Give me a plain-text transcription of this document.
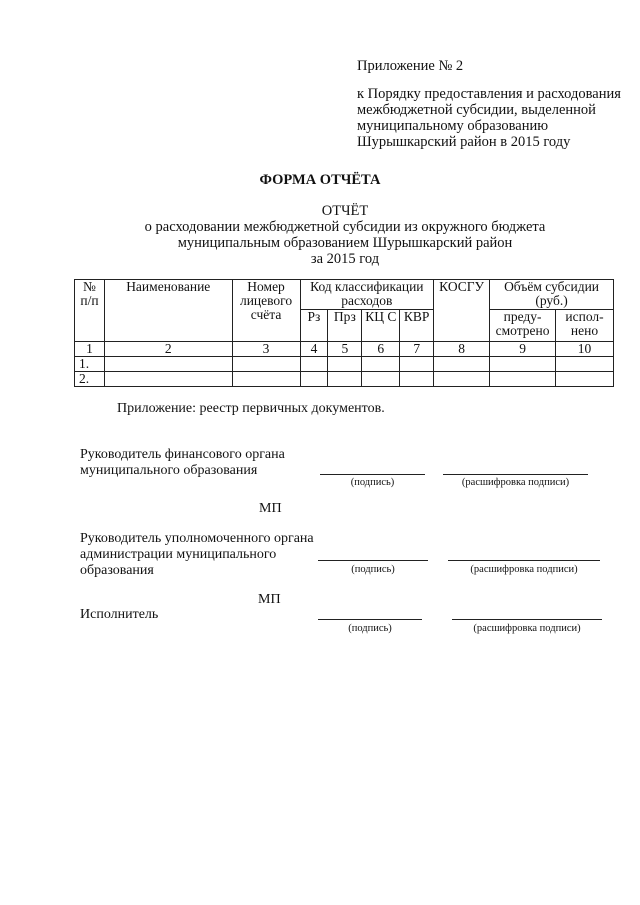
Приложение № 2
к Порядку предоставления и расходования
межбюджетной субсидии, выделенной
муниципальному образованию
Шурышкарский район в 2015 году
ФОРМА ОТЧЁТА
ОТЧЁТ
о расходовании межбюджетной субсидии из окружного бюджета
муниципальным образованием Шурышкарский район
за 2015 год
№ п/п	Наименование	Номер лицевого счёта	Код классификации расходов				КОСГУ	Объём субсидии (руб.)	
			Рз	Прз	КЦ С	КВР		преду-смотрено	испол-нено
1	2	3	4	5	6	7	8	9	10
1.									
2.									
Приложение: реестр первичных документов.
Руководитель финансового органа
муниципального образования
(подпись)	(расшифровка подписи)
МП
Руководитель уполномоченного органа
администрации муниципального
образования	(подпись)	(расшифровка подписи)
МП
Исполнитель
(подпись)	(расшифровка подписи)
